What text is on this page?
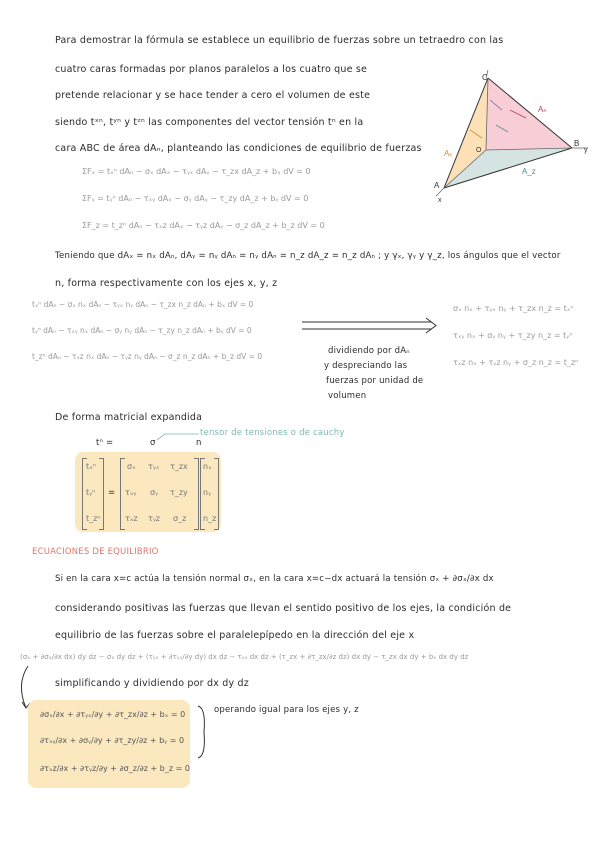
Para demostrar la fórmula se establece un equilibrio de fuerzas sobre un tetraedro con las
cuatro caras formadas por planos paralelos a los cuatro que se
pretende relacionar y se hace tender a cero el volumen de este
siendo tˣⁿ, tʸⁿ y tᶻⁿ las componentes del vector tensión tⁿ en la
cara ABC de área dAₙ, planteando las condiciones de equilibrio de fuerzas
C
B
y
A
x
O
Aₙ
Aₓ
A_z
ΣFₓ = tₓⁿ dAₙ − σₓ dAₓ − τᵧₓ dAᵧ − τ_zx dA_z + bₓ dV = 0
ΣFᵧ = tᵧⁿ dAₙ − τₓᵧ dAₓ − σᵧ dAᵧ − τ_zy dA_z + bᵧ dV = 0
ΣF_z = t_zⁿ dAₙ − τₓz dAₓ − τᵧz dAᵧ − σ_z dA_z + b_z dV = 0
Teniendo que dAₓ = nₓ dAₙ, dAᵧ = nᵧ dAₙ = nᵧ dAₙ = n_z dA_z = n_z dAₙ ; y γₓ, γᵧ y γ_z, los ángulos que el vector
n, forma respectivamente con los ejes x, y, z
tₓⁿ dAₙ − σₓ nₓ dAₙ − τᵧₓ nᵧ dAₙ − τ_zx n_z dAₙ + bₓ dV = 0
tᵧⁿ dAₙ − τₓᵧ nₓ dAₙ − σᵧ nᵧ dAₙ − τ_zy n_z dAₙ + bᵧ dV = 0
t_zⁿ dAₙ − τₓz nₓ dAₙ − τᵧz nᵧ dAₙ − σ_z n_z dAₙ + b_z dV = 0
dividiendo por dAₙ
y despreciando las
fuerzas por unidad de
volumen
σₓ nₓ + τᵧₓ nᵧ + τ_zx n_z = tₓⁿ
τₓᵧ nₓ + σᵧ nᵧ + τ_zy n_z = tᵧⁿ
τₓz nₓ + τᵧz nᵧ + σ_z n_z = t_zⁿ
De forma matricial expandida
tⁿ =	σ	n
tensor de tensiones o de cauchy
tₓⁿ
tᵧⁿ
t_zⁿ
=
σₓ τᵧₓ τ_zx
τₓᵧ σᵧ τ_zy
τₓz τᵧz σ_z
nₓ
nᵧ
n_z
ECUACIONES DE EQUILIBRIO
Si en la cara x=c actúa la tensión normal σₓ, en la cara x=c−dx actuará la tensión σₓ + ∂σₓ/∂x dx
considerando positivas las fuerzas que llevan el sentido positivo de los ejes, la condición de
equilibrio de las fuerzas sobre el paralelepípedo en la dirección del eje x
(σₓ + ∂σₓ/∂x dx) dy dz − σₓ dy dz + (τᵧₓ + ∂τᵧₓ/∂y dy) dx dz − τᵧₓ dx dz + (τ_zx + ∂τ_zx/∂z dz) dx dy − τ_zx dx dy + bₓ dx dy dz
simplificando y dividiendo por dx dy dz
∂σₓ/∂x + ∂τᵧₓ/∂y + ∂τ_zx/∂z + bₓ = 0
∂τₓᵧ/∂x + ∂σᵧ/∂y + ∂τ_zy/∂z + bᵧ = 0
∂τₓz/∂x + ∂τᵧz/∂y + ∂σ_z/∂z + b_z = 0
operando igual para los ejes y, z
